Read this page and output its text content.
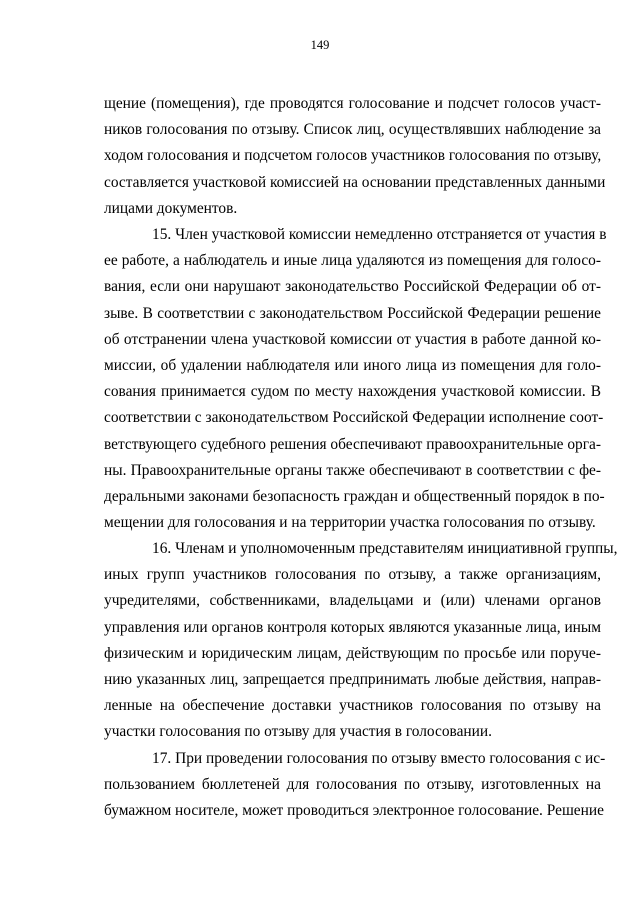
149
щение (помещения), где проводятся голосование и подсчет голосов участ-
ников голосования по отзыву. Список лиц, осуществлявших наблюдение за
ходом голосования и подсчетом голосов участников голосования по отзыву,
составляется участковой комиссией на основании представленных данными
лицами документов.
15. Член участковой комиссии немедленно отстраняется от участия в
ее работе, а наблюдатель и иные лица удаляются из помещения для голосо-
вания, если они нарушают законодательство Российской Федерации об от-
зыве. В соответствии с законодательством Российской Федерации решение
об отстранении члена участковой комиссии от участия в работе данной ко-
миссии, об удалении наблюдателя или иного лица из помещения для голо-
сования принимается судом по месту нахождения участковой комиссии. В
соответствии с законодательством Российской Федерации исполнение соот-
ветствующего судебного решения обеспечивают правоохранительные орга-
ны. Правоохранительные органы также обеспечивают в соответствии с фе-
деральными законами безопасность граждан и общественный порядок в по-
мещении для голосования и на территории участка голосования по отзыву.
16. Членам и уполномоченным представителям инициативной группы,
иных групп участников голосования по отзыву, а также организациям,
учредителями, собственниками, владельцами и (или) членами органов
управления или органов контроля которых являются указанные лица, иным
физическим и юридическим лицам, действующим по просьбе или поруче-
нию указанных лиц, запрещается предпринимать любые действия, направ-
ленные на обеспечение доставки участников голосования по отзыву на
участки голосования по отзыву для участия в голосовании.
17. При проведении голосования по отзыву вместо голосования с ис-
пользованием бюллетеней для голосования по отзыву, изготовленных на
бумажном носителе, может проводиться электронное голосование. Решение
